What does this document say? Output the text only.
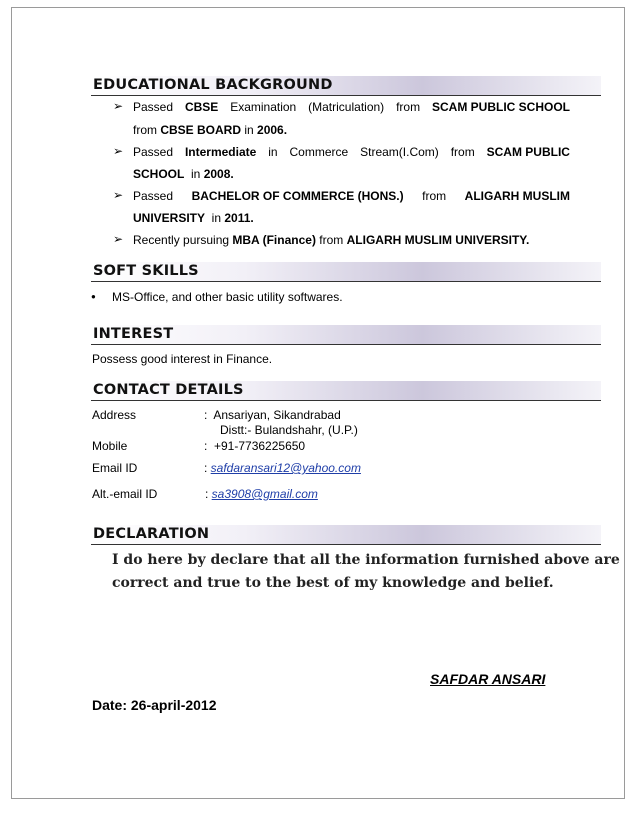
EDUCATIONAL BACKGROUND
➢ Passed CBSE Examination (Matriculation) from SCAM PUBLIC SCHOOL
from CBSE BOARD in 2006.
➢ Passed Intermediate in Commerce Stream(I.Com) from SCAM PUBLIC
SCHOOL  in 2008.
➢ Passed BACHELOR OF COMMERCE (HONS.) from ALIGARH MUSLIM
UNIVERSITY  in 2011.
➢ Recently pursuing MBA (Finance) from ALIGARH MUSLIM UNIVERSITY.
SOFT SKILLS
● MS-Office, and other basic utility softwares.
INTEREST
Possess good interest in Finance.
CONTACT DETAILS
Address	:  Ansariyan, Sikandrabad
Distt:- Bulandshahr, (U.P.)
Mobile	:  +91-7736225650
Email ID	: safdaransari12@yahoo.com
Alt.-email ID	: sa3908@gmail.com
DECLARATION
I do here by declare that all the information furnished above are
correct and true to the best of my knowledge and belief.
SAFDAR ANSARI
Date: 26-april-2012
